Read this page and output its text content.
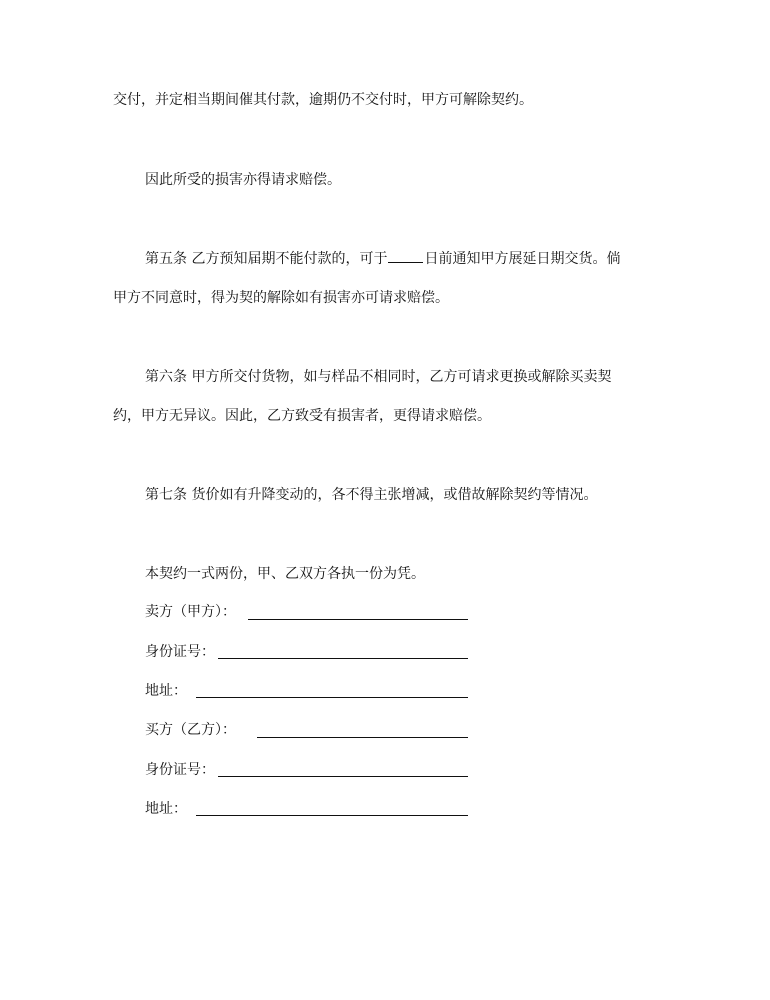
交付，并定相当期间催其付款，逾期仍不交付时，甲方可解除契约。
因此所受的损害亦得请求赔偿。
第五条 乙方预知届期不能付款的，可于	日前通知甲方展延日期交货。倘
甲方不同意时，得为契的解除如有损害亦可请求赔偿。
第六条 甲方所交付货物，如与样品不相同时，乙方可请求更换或解除买卖契
约，甲方无异议。因此，乙方致受有损害者，更得请求赔偿。
第七条 货价如有升降变动的，各不得主张增减，或借故解除契约等情况。
本契约一式两份，甲、乙双方各执一份为凭。
卖方（甲方）：
身份证号：
地址：
买方（乙方）：
身份证号：
地址：
